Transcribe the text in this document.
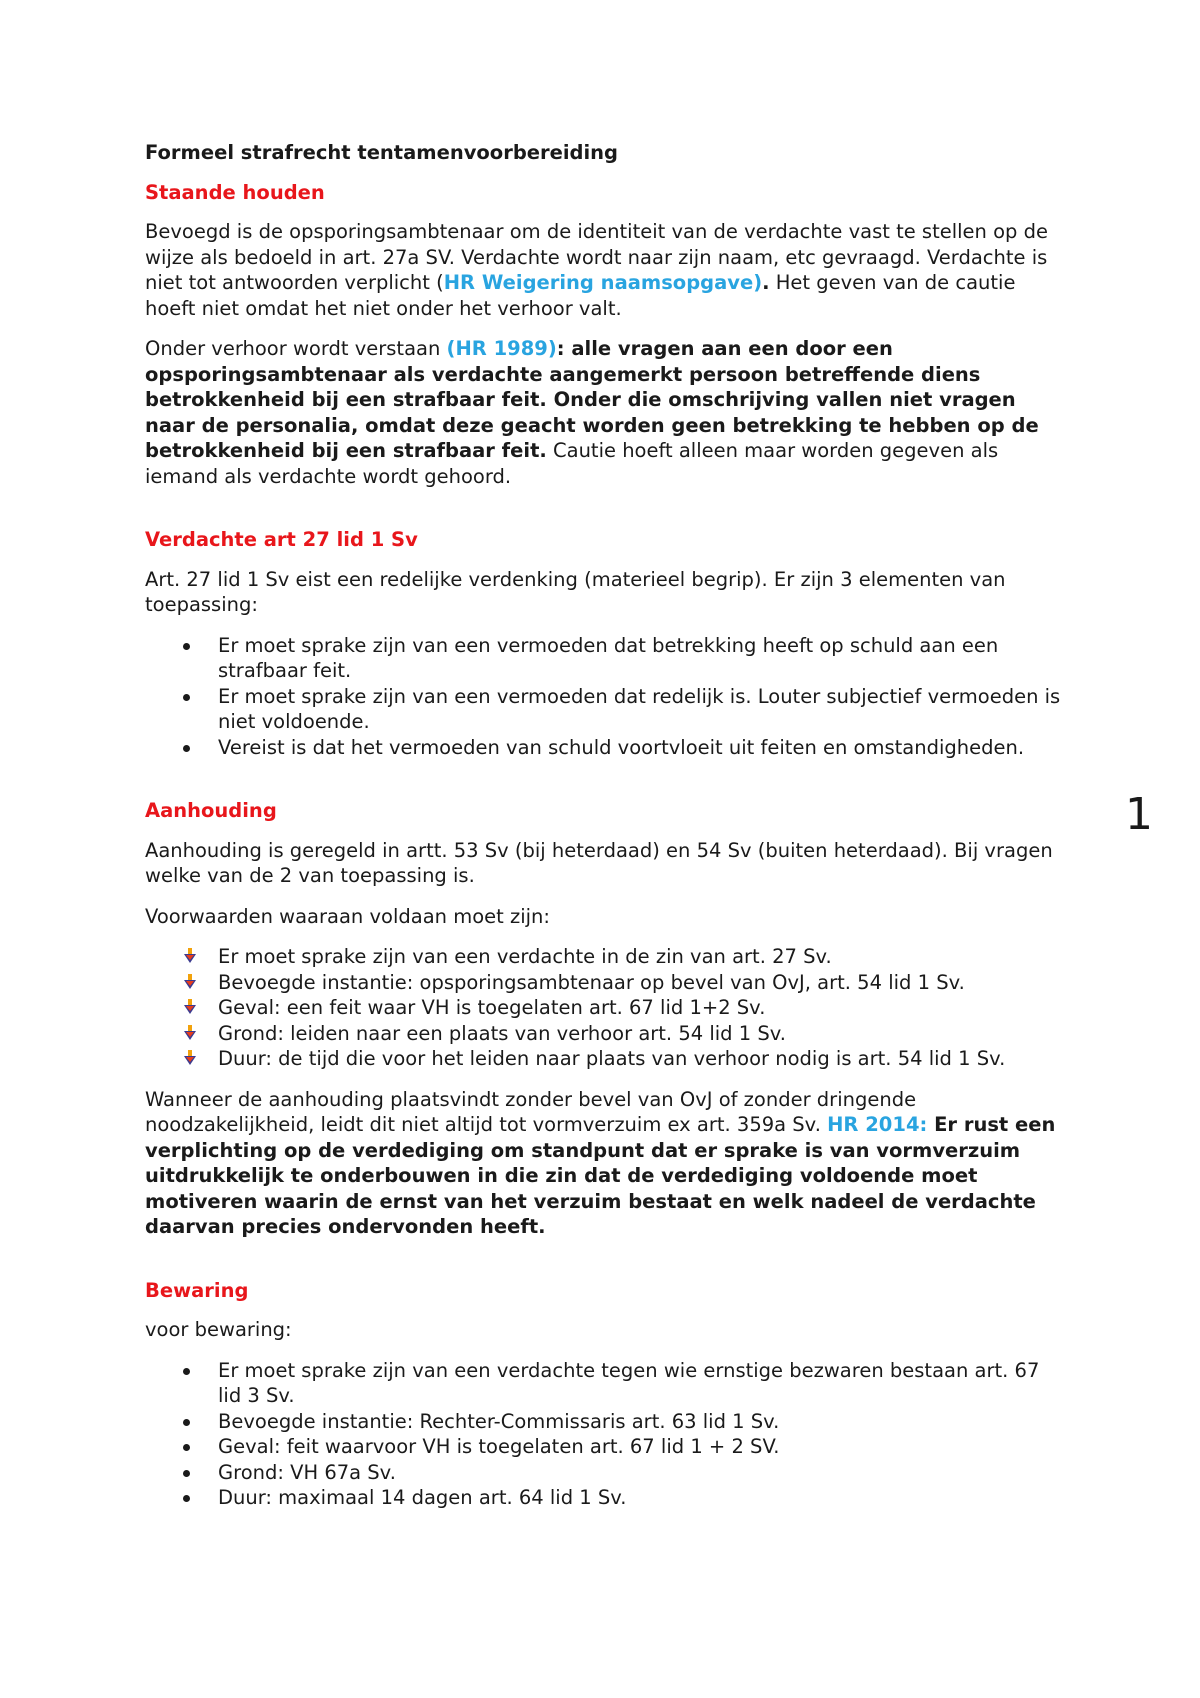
Formeel strafrecht tentamenvoorbereiding
Staande houden

Bevoegd is de opsporingsambtenaar om de identiteit van de verdachte vast te stellen op de wijze als bedoeld in art. 27a SV. Verdachte wordt naar zijn naam, etc gevraagd. Verdachte is niet tot antwoorden verplicht (HR Weigering naamsopgave). Het geven van de cautie hoeft niet omdat het niet onder het verhoor valt.

Onder verhoor wordt verstaan (HR 1989): alle vragen aan een door een opsporingsambtenaar als verdachte aangemerkt persoon betreffende diens betrokkenheid bij een strafbaar feit. Onder die omschrijving vallen niet vragen naar de personalia, omdat deze geacht worden geen betrekking te hebben op de betrokkenheid bij een strafbaar feit. Cautie hoeft alleen maar worden gegeven als iemand als verdachte wordt gehoord.

Verdachte art 27 lid 1 Sv

Art. 27 lid 1 Sv eist een redelijke verdenking (materieel begrip). Er zijn 3 elementen van toepassing:

Er moet sprake zijn van een vermoeden dat betrekking heeft op schuld aan een strafbaar feit.
Er moet sprake zijn van een vermoeden dat redelijk is. Louter subjectief vermoeden is niet voldoende.
Vereist is dat het vermoeden van schuld voortvloeit uit feiten en omstandigheden.
Aanhouding

Aanhouding is geregeld in artt. 53 Sv (bij heterdaad) en 54 Sv (buiten heterdaad). Bij vragen welke van de 2 van toepassing is.

Voorwaarden waaraan voldaan moet zijn:

Er moet sprake zijn van een verdachte in de zin van art. 27 Sv.
Bevoegde instantie: opsporingsambtenaar op bevel van OvJ, art. 54 lid 1 Sv.
Geval: een feit waar VH is toegelaten art. 67 lid 1+2 Sv.
Grond: leiden naar een plaats van verhoor art. 54 lid 1 Sv.
Duur: de tijd die voor het leiden naar plaats van verhoor nodig is art. 54 lid 1 Sv.

Wanneer de aanhouding plaatsvindt zonder bevel van OvJ of zonder dringende noodzakelijkheid, leidt dit niet altijd tot vormverzuim ex art. 359a Sv. HR 2014: Er rust een verplichting op de verdediging om standpunt dat er sprake is van vormverzuim uitdrukkelijk te onderbouwen in die zin dat de verdediging voldoende moet motiveren waarin de ernst van het verzuim bestaat en welk nadeel de verdachte daarvan precies ondervonden heeft.

Bewaring

voor bewaring:

Er moet sprake zijn van een verdachte tegen wie ernstige bezwaren bestaan art. 67 lid 3 Sv.
Bevoegde instantie: Rechter-Commissaris art. 63 lid 1 Sv.
Geval: feit waarvoor VH is toegelaten art. 67 lid 1 + 2 SV.
Grond: VH 67a Sv.
Duur: maximaal 14 dagen art. 64 lid 1 Sv.
1
